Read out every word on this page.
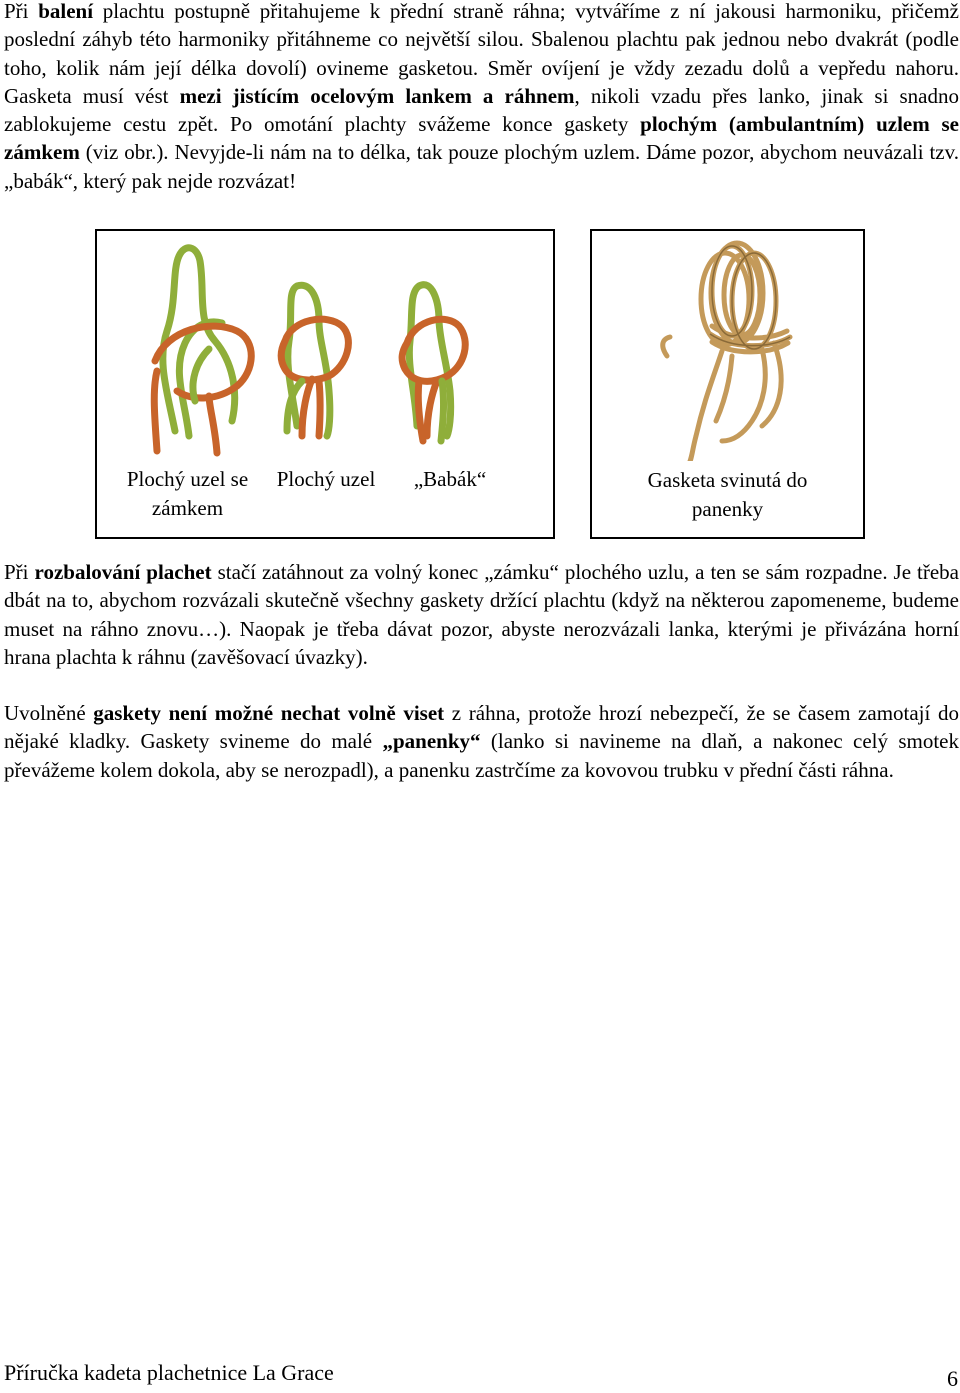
Při balení plachtu postupně přitahujeme k přední straně ráhna; vytváříme z ní jakousi harmoniku, přičemž poslední záhyb této harmoniky přitáhneme co největší silou. Sbalenou plachtu pak jednou nebo dvakrát (podle toho, kolik nám její délka dovolí) ovineme gasketou. Směr ovíjení je vždy zezadu dolů a vepředu nahoru. Gasketa musí vést mezi jistícím ocelovým lankem a ráhnem, nikoli vzadu přes lanko, jinak si snadno zablokujeme cestu zpět. Po omotání plachty svážeme konce gaskety plochým (ambulantním) uzlem se zámkem (viz obr.). Nevyjde-li nám na to délka, tak pouze plochým uzlem. Dáme pozor, abychom neuvázali tzv. „babák“, který pak nejde rozvázat!
Plochý uzel se zámkem
Plochý uzel	„Babák“	Gasketa svinutá do panenky
Při rozbalování plachet stačí zatáhnout za volný konec „zámku“ plochého uzlu, a ten se sám rozpadne. Je třeba dbát na to, abychom rozvázali skutečně všechny gaskety držící plachtu (když na některou zapomeneme, budeme muset na ráhno znovu…). Naopak je třeba dávat pozor, abyste nerozvázali lanka, kterými je přivázána horní hrana plachta k ráhnu (zavěšovací úvazky).
Uvolněné gaskety není možné nechat volně viset z ráhna, protože hrozí nebezpečí, že se časem zamotají do nějaké kladky. Gaskety svineme do malé „panenky“ (lanko si navineme na dlaň, a nakonec celý smotek převážeme kolem dokola, aby se nerozpadl), a panenku zastrčíme za kovovou trubku v přední části ráhna.
Příručka kadeta plachetnice La Grace	6
